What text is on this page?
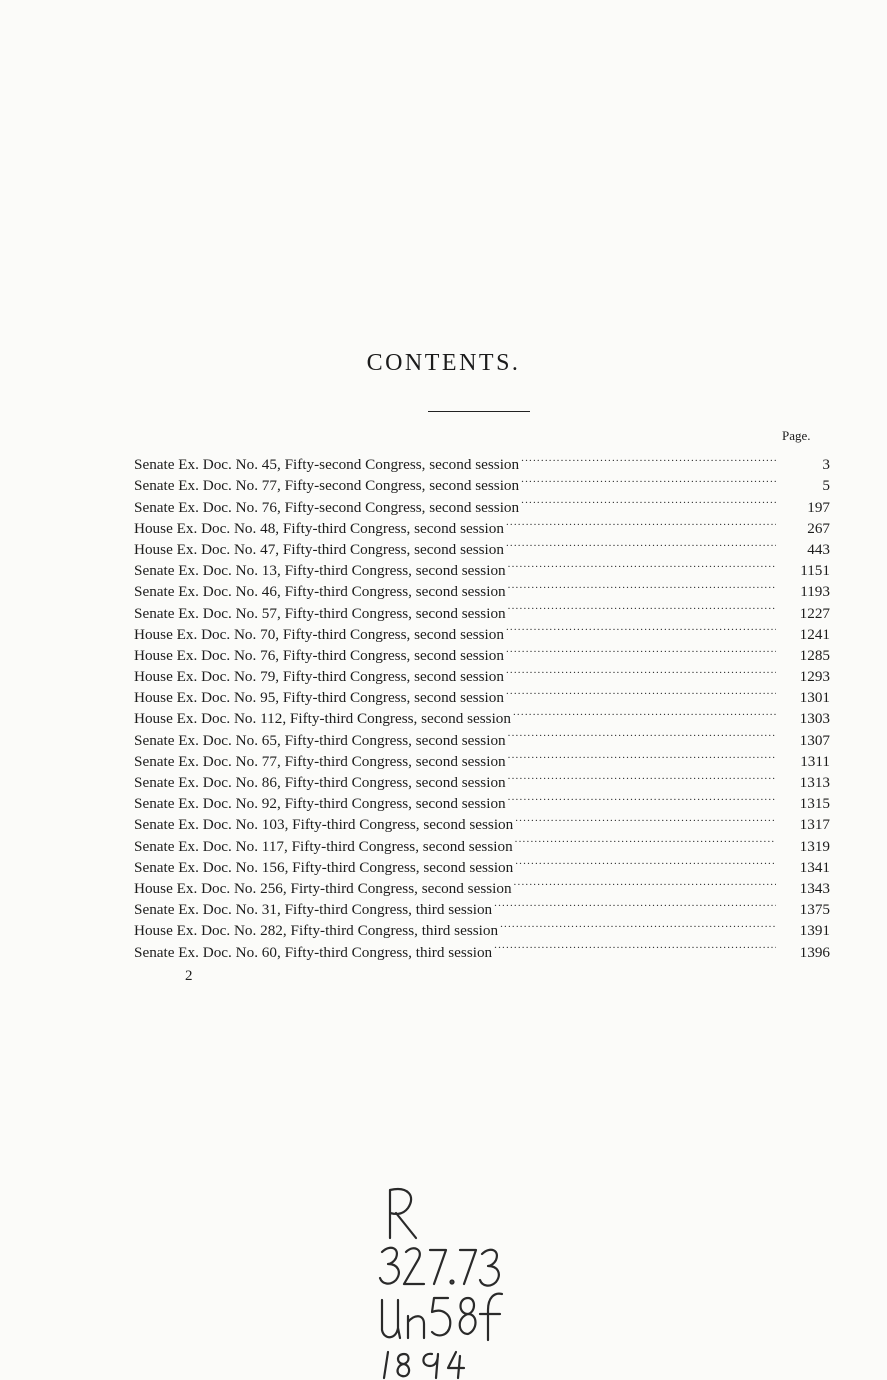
CONTENTS.
Page.
Senate Ex. Doc. No. 45, Fifty-second Congress, second session .....	3
Senate Ex. Doc. No. 77, Fifty-second Congress, second session .....	5
Senate Ex. Doc. No. 76, Fifty-second Congress, second session .....	197
House Ex. Doc. No. 48, Fifty-third Congress, second session .....	267
House Ex. Doc. No. 47, Fifty-third Congress, second session .....	443
Senate Ex. Doc. No. 13, Fifty-third Congress, second session .....	1151
Senate Ex. Doc. No. 46, Fifty-third Congress, second session .....	1193
Senate Ex. Doc. No. 57, Fifty-third Congress, second session .....	1227
House Ex. Doc. No. 70, Fifty-third Congress, second session .....	1241
House Ex. Doc. No. 76, Fifty-third Congress, second session .....	1285
House Ex. Doc. No. 79, Fifty-third Congress, second session .....	1293
House Ex. Doc. No. 95, Fifty-third Congress, second session .....	1301
House Ex. Doc. No. 112, Fifty-third Congress, second session .....	1303
Senate Ex. Doc. No. 65, Fifty-third Congress, second session .....	1307
Senate Ex. Doc. No. 77, Fifty-third Congress, second session .....	1311
Senate Ex. Doc. No. 86, Fifty-third Congress, second session .....	1313
Senate Ex. Doc. No. 92, Fifty-third Congress, second session .....	1315
Senate Ex. Doc. No. 103, Fifty-third Congress, second session .....	1317
Senate Ex. Doc. No. 117, Fifty-third Congress, second session .....	1319
Senate Ex. Doc. No. 156, Fifty-third Congress, second session .....	1341
House Ex. Doc. No. 256, Firty-third Congress, second session .....	1343
Senate Ex. Doc. No. 31, Fifty-third Congress, third session .....	1375
House Ex. Doc. No. 282, Fifty-third Congress, third session .....	1391
Senate Ex. Doc. No. 60, Fifty-third Congress, third session .....	1396
2
